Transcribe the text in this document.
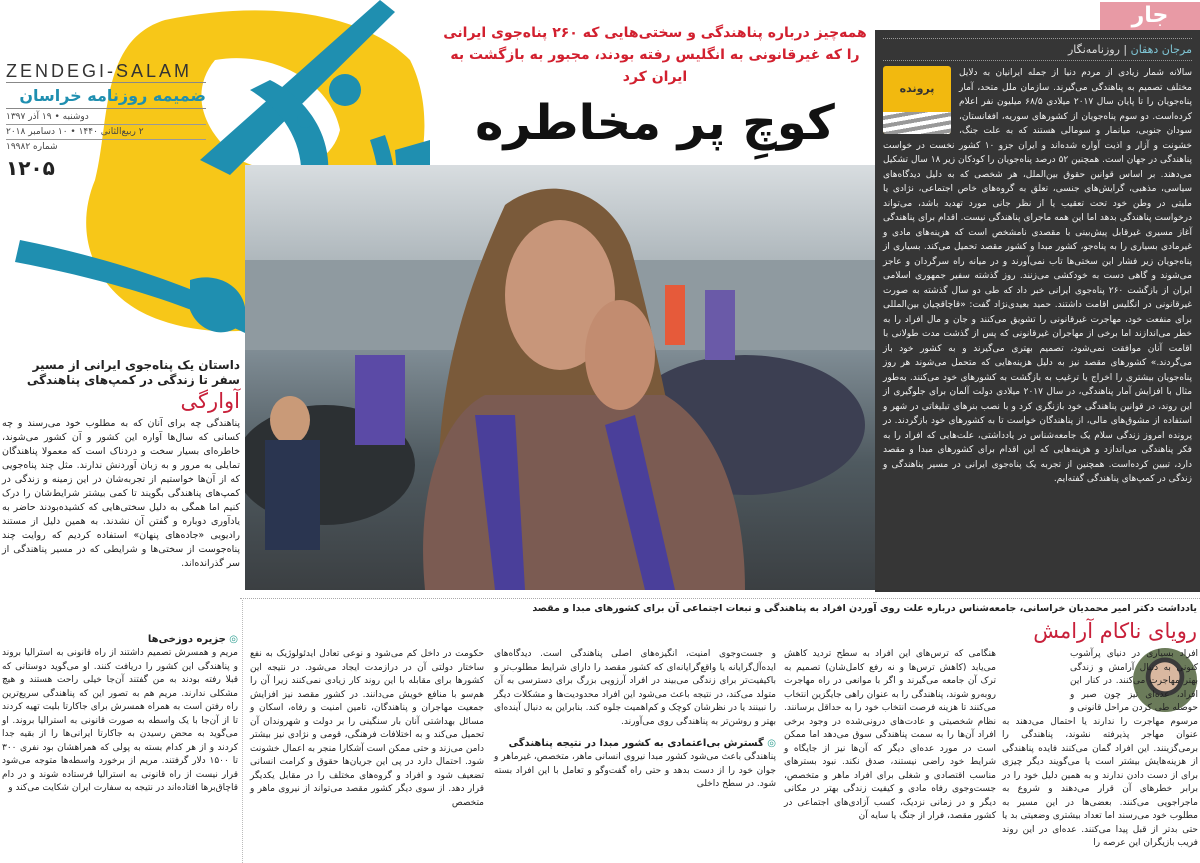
ZENDEGI-SALAM
ضمیمه روزنامه خراسان
دوشنبه • ۱۹ آذر ۱۳۹۷
۲ ربیع‌الثانی ۱۴۴۰ • ۱۰ دسامبر ۲۰۱۸
شماره ۱۹۹۸۲
۱۲۰۵
همه‌چیز درباره پناهندگی و سختی‌هایی که ۲۶۰ پناه‌جوی ایرانی را که غیرقانونی به انگلیس رفته بودند، مجبور به بازگشت به ایران کرد
کوچِ پر مخاطره
جار
مرجان دهقان | روزنامه‌نگار
پرونده
سالانه شمار زیادی از مردم دنیا از جمله ایرانیان به دلایل مختلف تصمیم به پناهندگی می‌گیرند. سازمان ملل متحد، آمار پناه‌جویان را تا پایان سال ۲۰۱۷ میلادی ۶۸/۵ میلیون نفر اعلام کرده‌است. دو سوم پناه‌جویان از کشورهای سوریه، افغانستان، سودان جنوبی، میانمار و سومالی هستند که به علت جنگ، خشونت و آزار و اذیت آواره شده‌اند و ایران جزو ۱۰ کشور نخست در خواست پناهندگی در جهان است. همچنین ۵۲ درصد پناه‌جویان را کودکان زیر ۱۸ سال تشکیل می‌دهند. بر اساس قوانین حقوق بین‌الملل، هر شخصی که به دلیل دیدگاه‌های سیاسی، مذهبی، گرایش‌های جنسی، تعلق به گروه‌های خاص اجتماعی، نژادی یا ملیتی در وطن خود تحت تعقیب یا از نظر جانی مورد تهدید باشد، می‌تواند درخواست پناهندگی بدهد اما این همه ماجرای پناهندگی نیست. اقدام برای پناهندگی آغاز مسیری غیرقابل پیش‌بینی با مقصدی نامشخص است که هزینه‌های مادی و غیرمادی بسیاری را به پناه‌جو، کشور مبدا و کشور مقصد تحمیل می‌کند. بسیاری از پناه‌جویان زیر فشار این سختی‌ها تاب نمی‌آورند و در میانه راه سرگردان و عاجز می‌شوند و گاهی دست به خودکشی می‌زنند. روز گذشته سفیر جمهوری اسلامی ایران از بازگشت ۲۶۰ پناه‌جوی ایرانی خبر داد که طی دو سال گذشته به صورت غیرقانونی در انگلیس اقامت داشتند. حمید بعیدی‌نژاد گفت: «قاچاقچیان بین‌المللی برای منفعت خود، مهاجرت غیرقانونی را تشویق می‌کنند و جان و مال افراد را به خطر می‌اندازند اما برخی از مهاجران غیرقانونی که پس از گذشت مدت طولانی با اقامت آنان موافقت نمی‌شود، تصمیم بهتری می‌گیرند و به کشور خود باز می‌گردند.» کشورهای مقصد نیز به دلیل هزینه‌هایی که متحمل می‌شوند هر روز پناه‌جویان بیشتری را اخراج یا ترغیب به بازگشت به کشورهای خود می‌کنند. به‌طور مثال با افزایش آمار پناهندگی، در سال ۲۰۱۷ میلادی دولت آلمان برای جلوگیری از این روند، در قوانین پناهندگی خود بازنگری کرد و با نصب بنرهای تبلیغاتی در شهر و استفاده از مشوق‌های مالی، از پناهندگان خواست تا به کشورهای خود بازگردند. در پرونده امروز زندگی سلام یک جامعه‌شناس در یادداشتی، علت‌هایی که افراد را به فکر پناهندگی می‌اندازد و هزینه‌هایی که این اقدام برای کشورهای مبدا و مقصد دارد، تبیین کرده‌است. همچنین از تجربه یک پناه‌جوی ایرانی در مسیر پناهندگی و زندگی در کمپ‌های پناهندگی گفته‌ایم.
داستان یک پناه‌جوی ایرانی از مسیر سفر تا زندگی در کمپ‌های پناهندگی
آوارگی
پناهندگی چه برای آنان که به مطلوب خود می‌رسند و چه کسانی که سال‌ها آواره این کشور و آن کشور می‌شوند، خاطره‌ای بسیار سخت و دردناک است که معمولا پناهندگان تمایلی به مرور و به زبان آوردنش ندارند. مثل چند پناه‌جویی که از آن‌ها خواستیم از تجربه‌شان در این زمینه و زندگی در کمپ‌های پناهندگی بگویند تا کمی بیشتر شرایط‌شان را درک کنیم اما همگی به دلیل سختی‌هایی که کشیده‌بودند حاضر به یادآوری دوباره و گفتن آن نشدند. به همین دلیل از مستند رادیویی «جاده‌های پنهان» استفاده کردیم که روایت چند پناه‌جوست از سختی‌ها و شرایطی که در مسیر پناهندگی از سر گذرانده‌اند.
یادداشت دکتر امیر محمدیان خراسانی، جامعه‌شناس درباره علت روی آوردن افراد به پناهندگی و تبعات اجتماعی آن برای کشورهای مبدا و مقصد
رویای ناکام آرامش
◎ جزیره دوزخی‌ها
مریم و همسرش تصمیم داشتند از راه قانونی به استرالیا بروند و پناهندگی این کشور را دریافت کنند. او می‌گوید دوستانی که قبلا رفته بودند به من گفتند آن‌جا خیلی راحت هستند و هیچ مشکلی ندارند. مریم هم به تصور این که پناهندگی سریع‌ترین راه رفتن است به همراه همسرش برای جاکارتا بلیت تهیه کردند تا از آن‌جا با یک واسطه به صورت قانونی به استرالیا بروند. او می‌گوید به محض رسیدن به جاکارتا ایرانی‌ها را از بقیه جدا کردند و از هر کدام بسته به پولی که همراهشان بود نفری ۳۰۰ تا ۱۵۰۰ دلار گرفتند. مریم از برخورد واسطه‌ها متوجه می‌شود قرار نیست از راه قانونی به استرالیا فرستاده شوند و در دام قاچاق‌برها افتاده‌اند در نتیجه به سفارت ایران شکایت می‌کند و
حکومت در داخل کم می‌شود و نوعی تعادل ایدئولوژیک به نفع ساختار دولتی آن در درازمدت ایجاد می‌شود. در نتیجه این کشورها برای مقابله با این روند کار زیادی نمی‌کنند زیرا آن را هم‌سو با منافع خویش می‌دانند. در کشور مقصد نیز افزایش جمعیت مهاجران و پناهندگان، تامین امنیت و رفاه، اسکان و مسائل بهداشتی آنان بار سنگینی را بر دولت و شهروندان آن تحمیل می‌کند و به اختلافات فرهنگی، قومی و نژادی نیز بیشتر دامن می‌زند و حتی ممکن است آشکارا منجر به اعمال خشونت شود. احتمال دارد در پی این جریان‌ها حقوق و کرامت انسانی تضعیف شود و افراد و گروه‌های مختلف را در مقابل یکدیگر قرار دهد. از سوی دیگر کشور مقصد می‌تواند از نیروی ماهر و متخصص
و جست‌وجوی امنیت، انگیزه‌های اصلی پناهندگی است. دیدگاه‌های ایده‌آل‌گرایانه یا واقع‌گرایانه‌ای که کشور مقصد را دارای شرایط مطلوب‌تر و باکیفیت‌تر برای زندگی می‌بیند در افراد آرزویی بزرگ برای دسترسی به آن متولد می‌کند، در نتیجه باعث می‌شود این افراد محدودیت‌ها و مشکلات دیگر را نبینند یا در نظرشان کوچک و کم‌اهمیت جلوه کند. بنابراین به دنبال آینده‌ای بهتر و روشن‌تر به پناهندگی روی می‌آورند.
◎ گسترش بی‌اعتمادی به کشور مبدا در نتیجه پناهندگی
پناهندگی باعث می‌شود کشور مبدا نیروی انسانی ماهر، متخصص، غیرماهر و جوان خود را از دست بدهد و حتی راه گفت‌وگو و تعامل با این افراد بسته شود. در سطح داخلی
هنگامی که ترس‌های این افراد به سطح تردید کاهش می‌یابد (کاهش ترس‌ها و نه رفع کامل‌شان) تصمیم به ترک آن جامعه می‌گیرند و اگر با موانعی در راه مهاجرت روبه‌رو شوند، پناهندگی را به عنوان راهی جایگزین انتخاب می‌کنند تا هزینه فرصت انتخاب خود را به حداقل برسانند. نظام شخصیتی و عادت‌های درونی‌شده در وجود برخی افراد آن‌ها را به سمت پناهندگی سوق می‌دهد اما ممکن است در مورد عده‌ای دیگر که آن‌ها نیز از جایگاه و شرایط خود راضی نیستند، صدق نکند. نبود بسترهای مناسب اقتصادی و شغلی برای افراد ماهر و متخصص، جست‌وجوی رفاه مادی و کیفیت زندگی بهتر در مکانی دیگر و در زمانی نزدیک، کسب آزادی‌های اجتماعی در کشور مقصد، فرار از جنگ یا سایه آن
افراد بسیاری در دنیای پرآشوب کنونی به دنبال آرامش و زندگی بهتر مهاجرت می‌کنند. در کنار این افراد، عده‌ای نیز چون صبر و حوصله طی کردن مراحل قانونی و مرسوم مهاجرت را ندارند یا احتمال می‌دهند به عنوان مهاجر پذیرفته نشوند، پناهندگی را برمی‌گزینند. این افراد گمان می‌کنند فایده پناهندگی از هزینه‌هایش بیشتر است یا می‌گویند دیگر چیزی برای از دست دادن ندارند و به همین دلیل خود را در برابر خطرهای آن قرار می‌دهند و شروع به ماجراجویی می‌کنند. بعضی‌ها در این مسیر به مطلوب خود می‌رسند اما تعداد بیشتری وضعیتی بد یا حتی بدتر از قبل پیدا می‌کنند. عده‌ای در این روند فریب بازیگران این عرصه را
